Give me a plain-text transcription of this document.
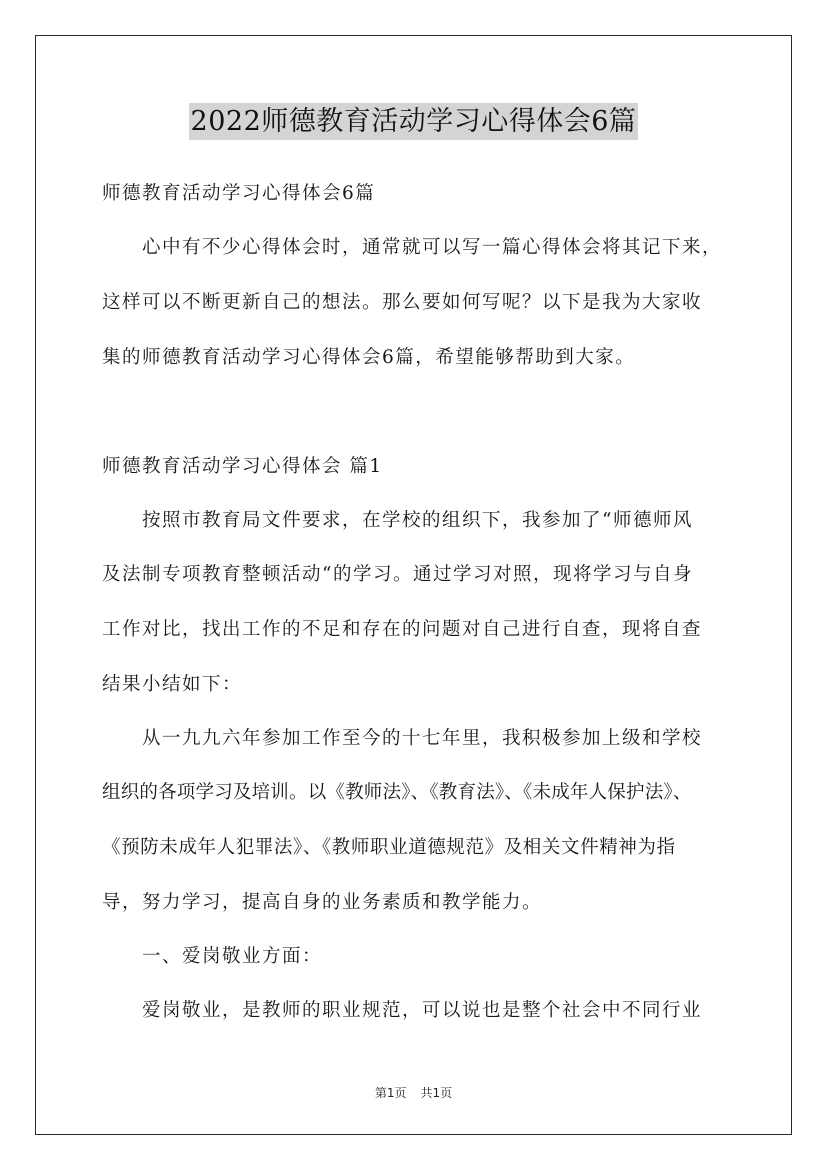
2022师德教育活动学习心得体会6篇
师德教育活动学习心得体会6篇
心中有不少心得体会时，通常就可以写一篇心得体会将其记下来，
这样可以不断更新自己的想法。那么要如何写呢？以下是我为大家收
集的师德教育活动学习心得体会6篇，希望能够帮助到大家。
师德教育活动学习心得体会 篇1
按照市教育局文件要求，在学校的组织下，我参加了“师德师风
及法制专项教育整顿活动“的学习。通过学习对照，现将学习与自身
工作对比，找出工作的不足和存在的问题对自己进行自查，现将自查
结果小结如下：
从一九九六年参加工作至今的十七年里，我积极参加上级和学校
组织的各项学习及培训。以《教师法》、《教育法》、《未成年人保护法》、
《预防未成年人犯罪法》、《教师职业道德规范》及相关文件精神为指
导，努力学习，提高自身的业务素质和教学能力。
一、爱岗敬业方面：
爱岗敬业，是教师的职业规范，可以说也是整个社会中不同行业
第1页 共1页
